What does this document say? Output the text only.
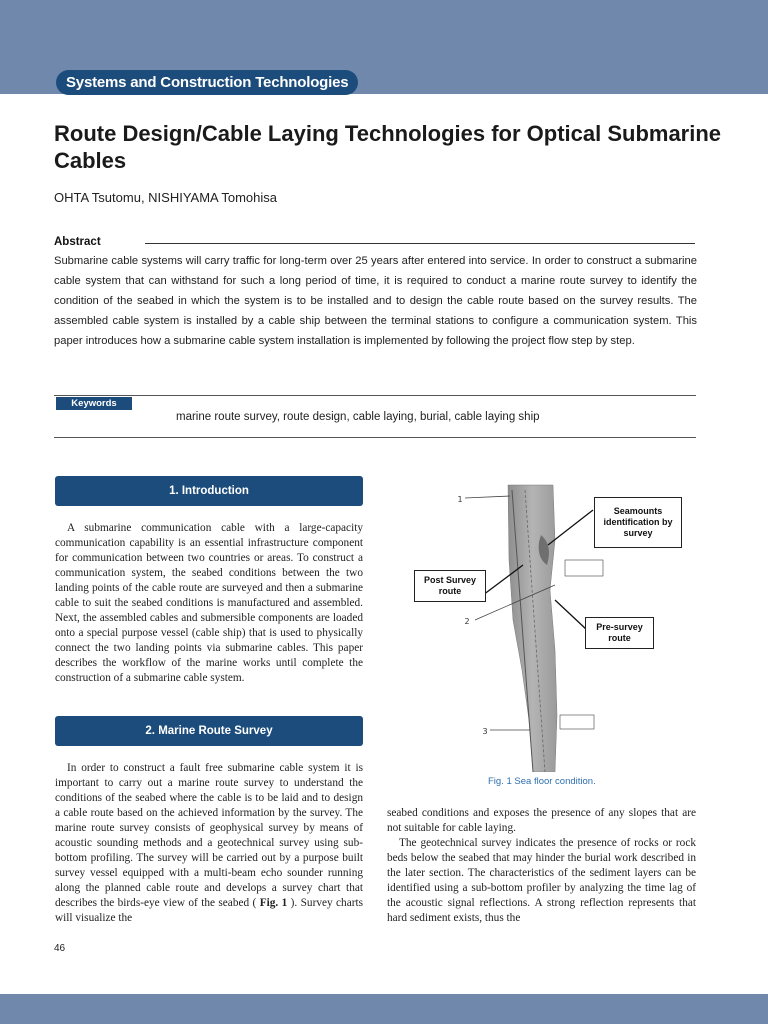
Systems and Construction Technologies
Route Design/Cable Laying Technologies for Optical Submarine Cables
OHTA Tsutomu, NISHIYAMA Tomohisa
Abstract

Submarine cable systems will carry traffic for long-term over 25 years after entered into service. In order to construct a submarine cable system that can withstand for such a long period of time, it is required to conduct a marine route survey to identify the condition of the seabed in which the system is to be installed and to design the cable route based on the survey results. The assembled cable system is installed by a cable ship between the terminal stations to configure a communication system. This paper introduces how a submarine cable system installation is implemented by following the project flow step by step.

Keywords
marine route survey, route design, cable laying, burial, cable laying ship
1. Introduction

A submarine communication cable with a large-capacity communication capability is an essential infrastructure component for communication between two countries or areas. To construct a communication system, the seabed conditions between the two landing points of the cable route are surveyed and then a submarine cable to suit the seabed conditions is manufactured and assembled. Next, the assembled cables and submersible components are loaded onto a special purpose vessel (cable ship) that is used to physically connect the two landing points via submarine cables. This paper describes the workflow of the marine works until complete the construction of a submarine cable system.

2. Marine Route Survey

In order to construct a fault free submarine cable system it is important to carry out a marine route survey to understand the conditions of the seabed where the cable is to be laid and to design a cable route based on the achieved information by the survey. The marine route survey consists of geophysical survey by means of acoustic sounding methods and a geotechnical survey using sub-bottom profiling. The survey will be carried out by a purpose built survey vessel equipped with a multi-beam echo sounder running along the planned cable route and develops a survey chart that describes the birds-eye view of the seabed ( Fig. 1 ). Survey charts will visualize the

seabed conditions and exposes the presence of any slopes that are not suitable for cable laying.

The geotechnical survey indicates the presence of rocks or rock beds below the seabed that may hinder the burial work described in the later section. The characteristics of the sediment layers can be identified using a sub-bottom profiler by analyzing the time lag of the acoustic signal reflections. A strong reflection represents that hard sediment exists, thus the

1
2
3
Seamounts identification by survey
Post Survey route
Pre-survey route
Fig. 1 Sea floor condition.
46
